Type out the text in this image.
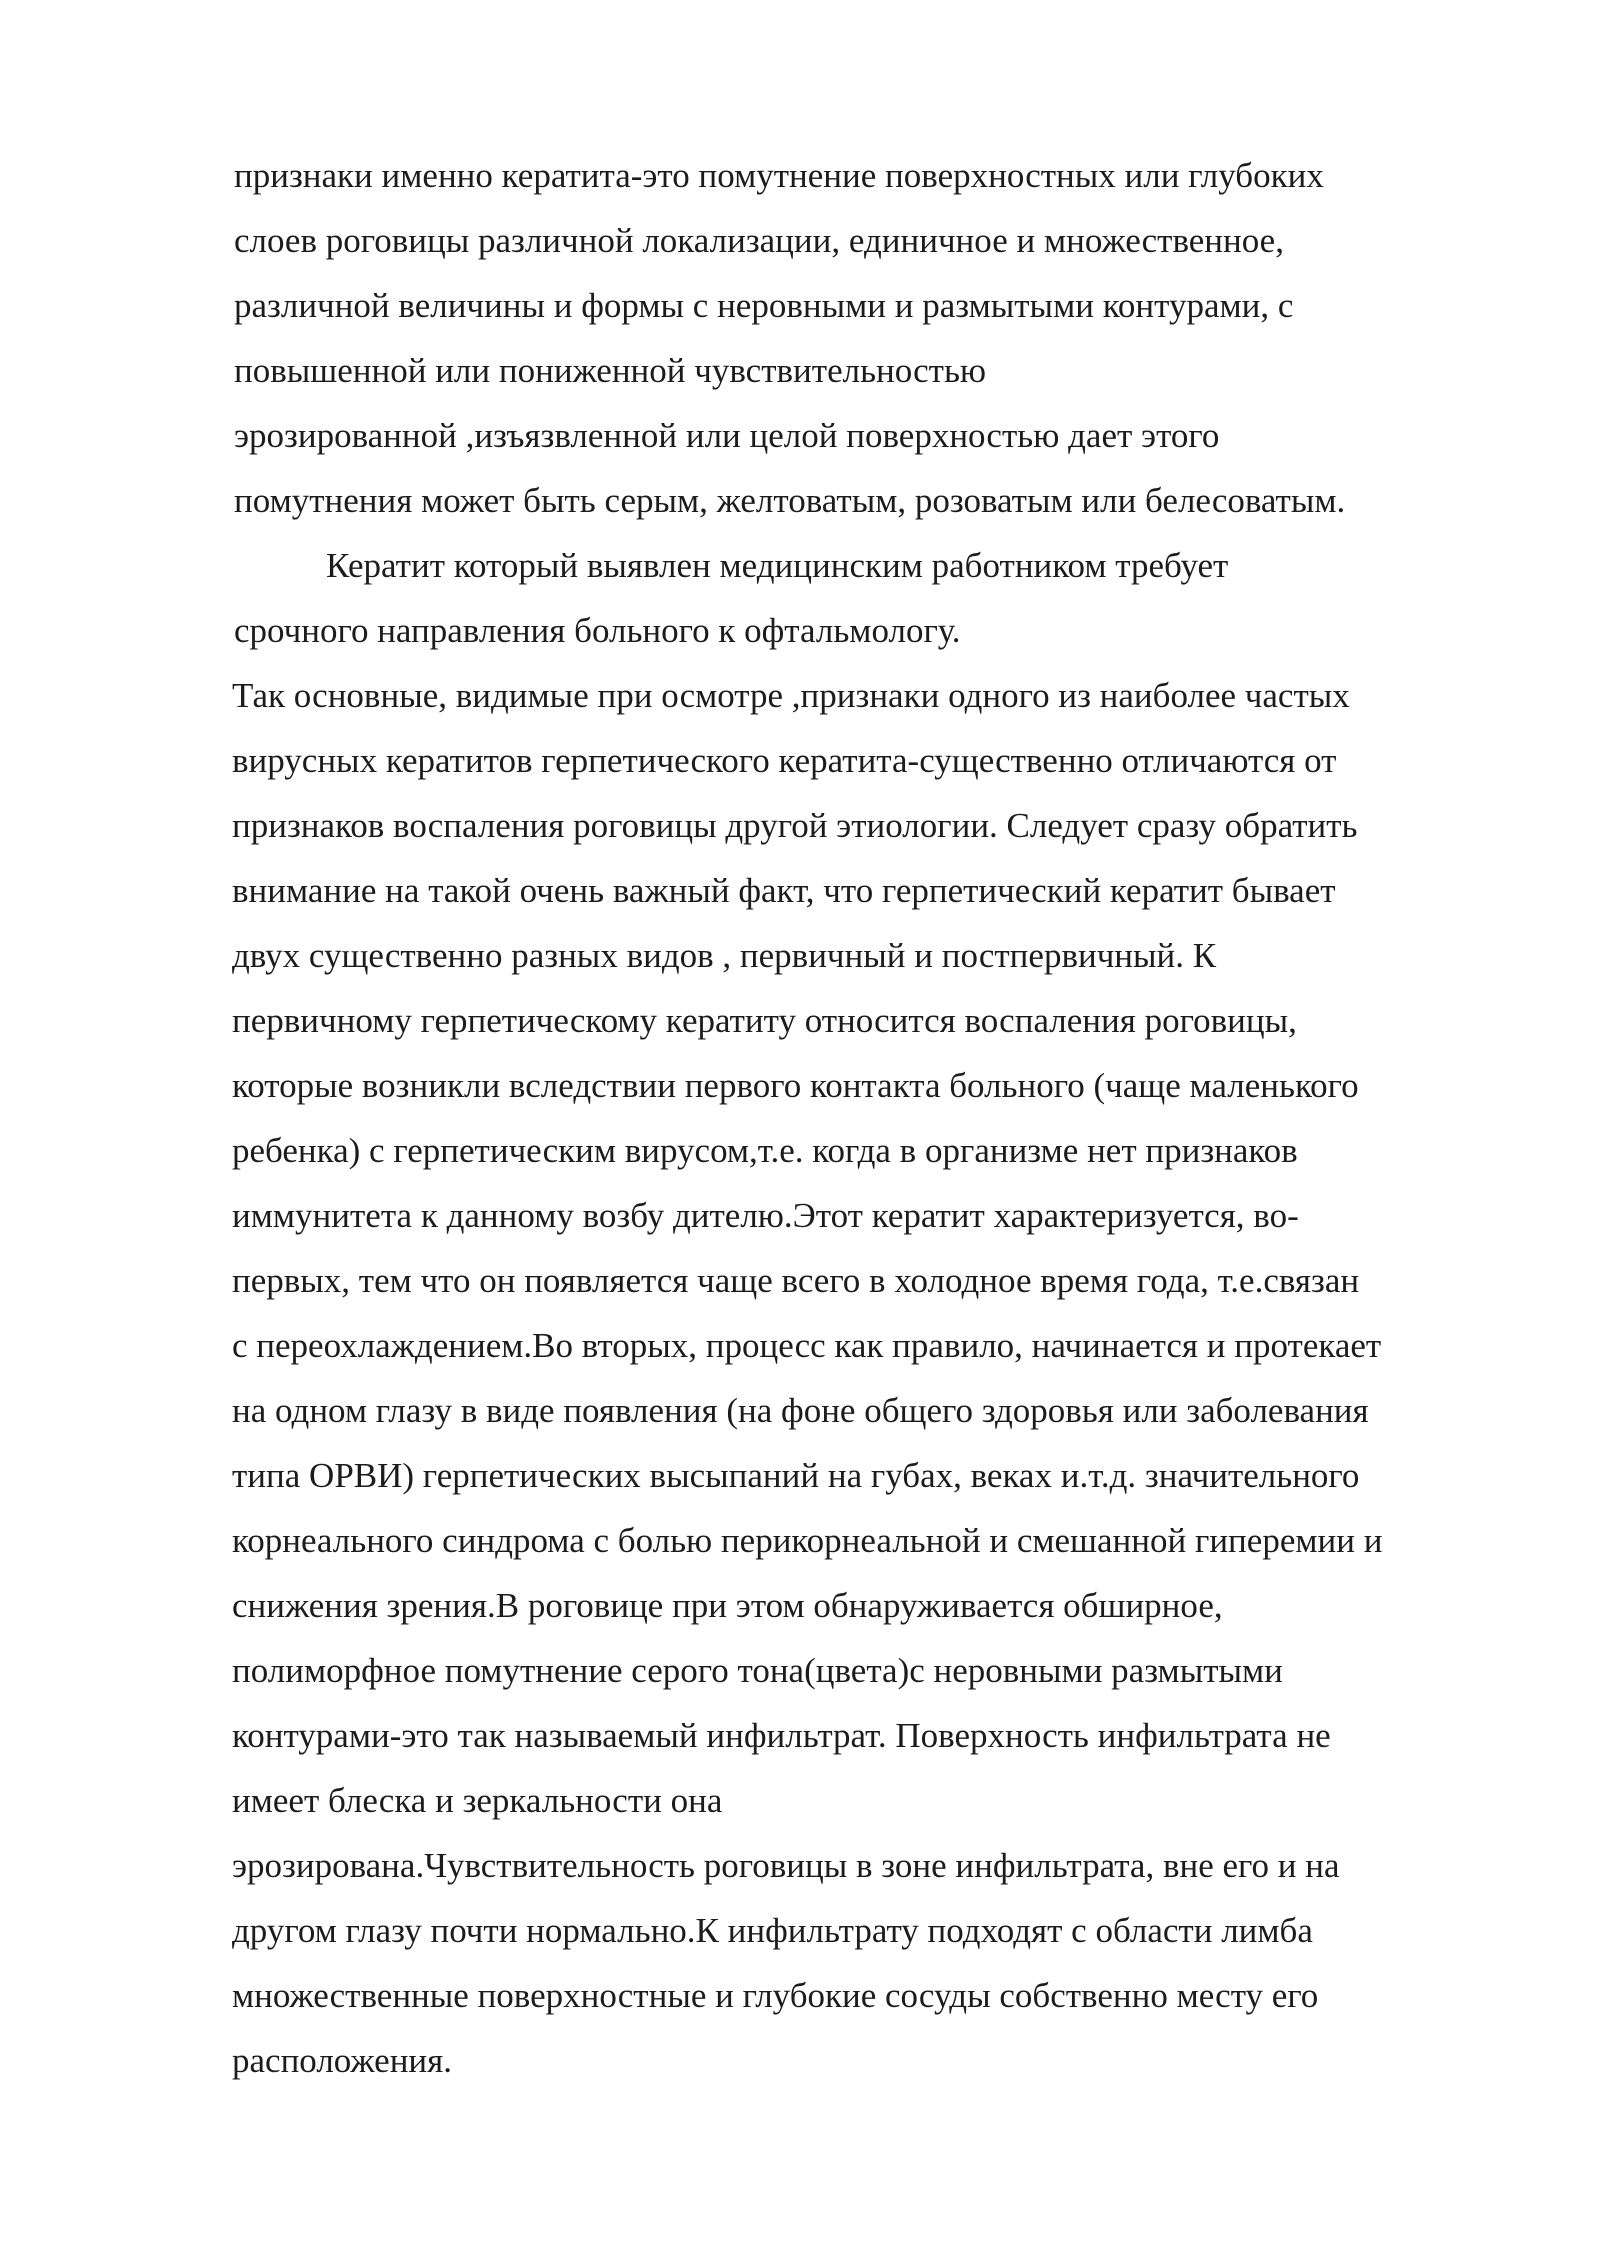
признаки именно кератита-это помутнение поверхностных или глубоких

слоев роговицы различной локализации, единичное и множественное,

различной величины и формы с неровными и размытыми контурами, с

повышенной или пониженной чувствительностью

эрозированной ,изъязвленной или целой поверхностью дает этого

помутнения может быть серым, желтоватым, розоватым или белесоватым.

Кератит который выявлен медицинским работником требует

срочного направления больного к офтальмологу.

Так основные, видимые при осмотре ,признаки одного из наиболее частых

вирусных кератитов герпетического кератита-существенно отличаются от

признаков воспаления роговицы другой этиологии. Следует сразу обратить

внимание на такой очень важный факт, что герпетический кератит бывает

двух существенно разных видов , первичный и постпервичный. К

первичному герпетическому кератиту относится воспаления роговицы,

которые возникли вследствии первого контакта больного (чаще маленького

ребенка) с герпетическим вирусом,т.е. когда в организме нет признаков

иммунитета к данному возбу дителю.Этот кератит характеризуется, во-

первых, тем что он появляется чаще всего в холодное время года, т.е.связан

с переохлаждением.Во вторых, процесс как правило, начинается и протекает

на одном глазу в виде появления (на фоне общего здоровья или заболевания

типа ОРВИ) герпетических высыпаний на губах, веках и.т.д. значительного

корнеального синдрома с болью перикорнеальной и смешанной гиперемии и

снижения зрения.В роговице при этом обнаруживается обширное,

полиморфное помутнение серого тона(цвета)с неровными размытыми

контурами-это так называемый инфильтрат. Поверхность инфильтрата не

имеет блеска и зеркальности она

эрозирована.Чувствительность роговицы в зоне инфильтрата, вне его и на

другом глазу почти нормально.К инфильтрату подходят с области лимба

множественные поверхностные и глубокие сосуды собственно месту его

расположения.
